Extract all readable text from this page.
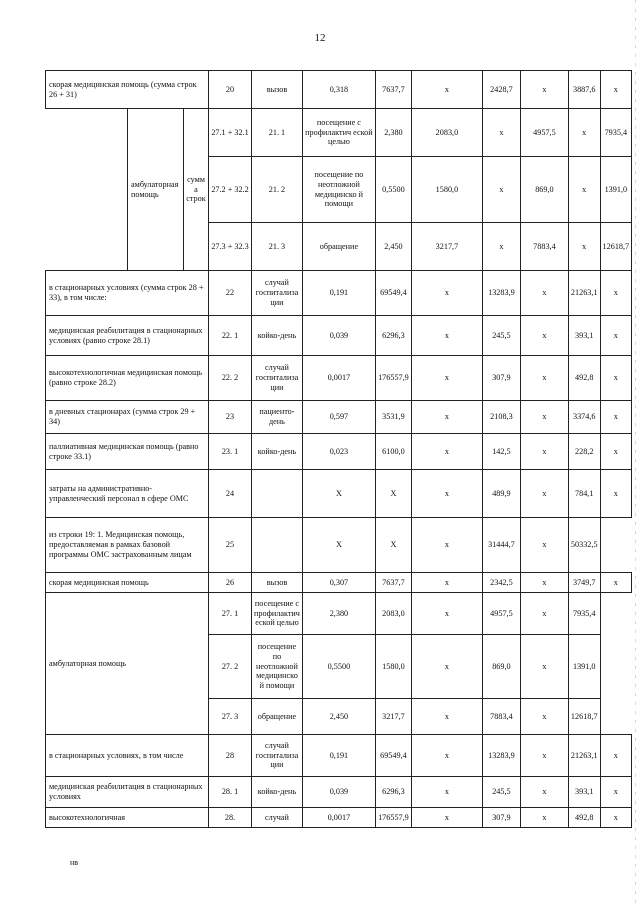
12
скорая медицинская помощь (сумма строк 26 + 31)			20	вызов	0,318	7637,7	х	2428,7	х	3887,6	х
	амбулаторная помощь	сумм а строк	27.1 + 32.1	21. 1	посещение с профилактич еской целью	2,380	2083,0	х	4957,5	х	7935,4
			27.2 + 32.2	21. 2	посещение по неотложной медицинско й помощи	0,5500	1580,0	х	869,0	х	1391,0
			27.3 + 32.3	21. 3	обращение	2,450	3217,7	х	7883,4	х	12618,7
в стационарных условиях (сумма строк 28 + 33), в том числе:			22	случай госпитализа ции	0,191	69549,4	х	13283,9	х	21263,1	х
медицинская реабилитация в стационарных условиях (равно строке 28.1)			22. 1	койко-день	0,039	6296,3	х	245,5	х	393,1	х
высокотехнологичная медицинская помощь (равно строке 28.2)			22. 2	случай госпитализа ции	0,0017	176557,9	х	307,9	х	492,8	х
в дневных стационарах (сумма строк 29 + 34)			23	пациенто- день	0,597	3531,9	х	2108,3	х	3374,6	х
паллиативная медицинская помощь (равно строке 33.1)			23. 1	койко-день	0,023	6100,0	х	142,5	х	228,2	х
затраты на административно- управленческий персонал в сфере ОМС			24		Х	Х	х	489,9	х	784,1	х
из строки 19: 1. Медицинская помощь, предоставляемая в рамках базовой программы ОМС застрахованным лицам			25		Х	Х	х	31444,7	х	50332,5	
скорая медицинская помощь			26	вызов	0,307	7637,7	х	2342,5	х	3749,7	х
амбулаторная помощь			27. 1	посещение с профилактич еской целью	2,380	2083,0	х	4957,5	х	7935,4	
			27. 2	посещение по неотложной медицинско й помощи	0,5500	1580,0	х	869,0	х	1391,0	
			27. 3	обращение	2,450	3217,7	х	7883,4	х	12618,7	
в стационарных условиях, в том числе			28	случай госпитализа ции	0,191	69549,4	х	13283,9	х	21263,1	х
медицинская реабилитация в стационарных условиях			28. 1	койко-день	0,039	6296,3	х	245,5	х	393,1	х
высокотехнологичная			28.	случай	0,0017	176557,9	х	307,9	х	492,8	х
нв
